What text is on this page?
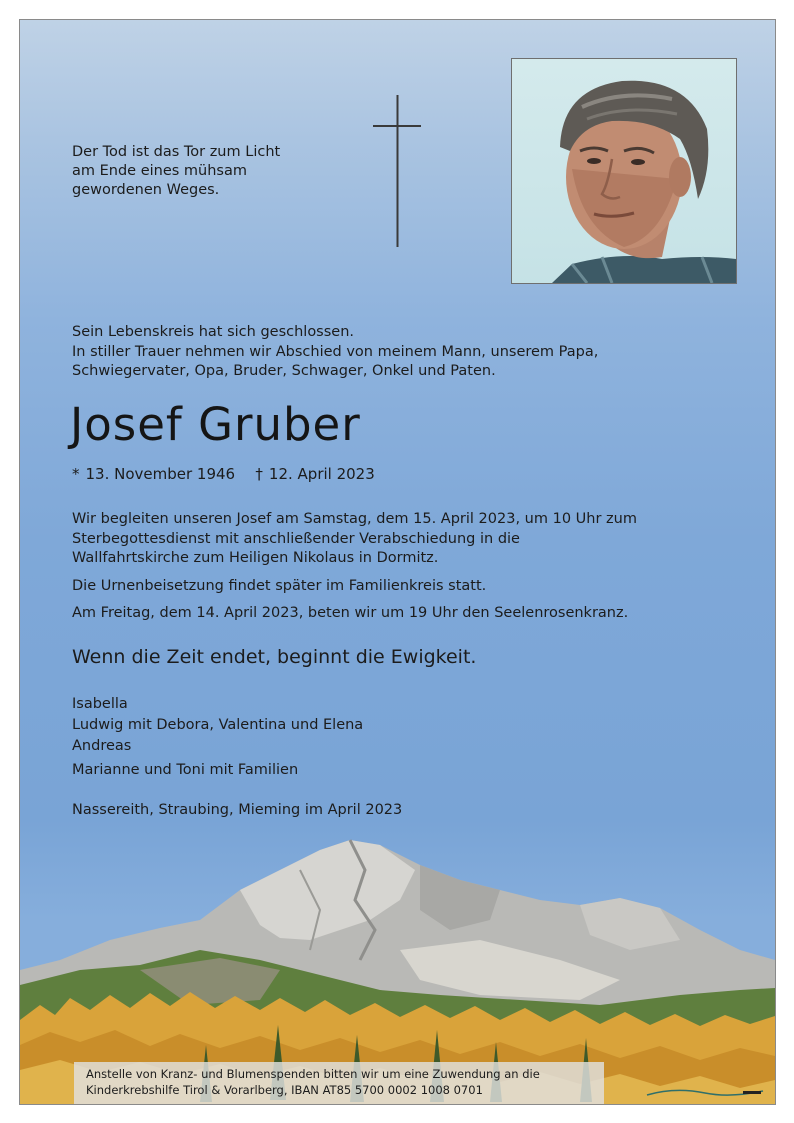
Der Tod ist das Tor zum Licht
am Ende eines mühsam
gewordenen Weges.
Sein Lebenskreis hat sich geschlossen.
In stiller Trauer nehmen wir Abschied von meinem Mann, unserem Papa,
Schwiegervater, Opa, Bruder, Schwager, Onkel und Paten.
Josef Gruber
* 13. November 1946 † 12. April 2023
Wir begleiten unseren Josef am Samstag, dem 15. April 2023, um 10 Uhr zum
Sterbegottesdienst mit anschließender Verabschiedung in die
Wallfahrtskirche zum Heiligen Nikolaus in Dormitz.
Die Urnenbeisetzung findet später im Familienkreis statt.
Am Freitag, dem 14. April 2023, beten wir um 19 Uhr den Seelenrosenkranz.
Wenn die Zeit endet, beginnt die Ewigkeit.
Isabella
Ludwig mit Debora, Valentina und Elena
Andreas
Marianne und Toni mit Familien
Nassereith, Straubing, Mieming im April 2023
Anstelle von Kranz- und Blumenspenden bitten wir um eine Zuwendung an die
Kinderkrebshilfe Tirol & Vorarlberg, IBAN AT85 5700 0002 1008 0701
